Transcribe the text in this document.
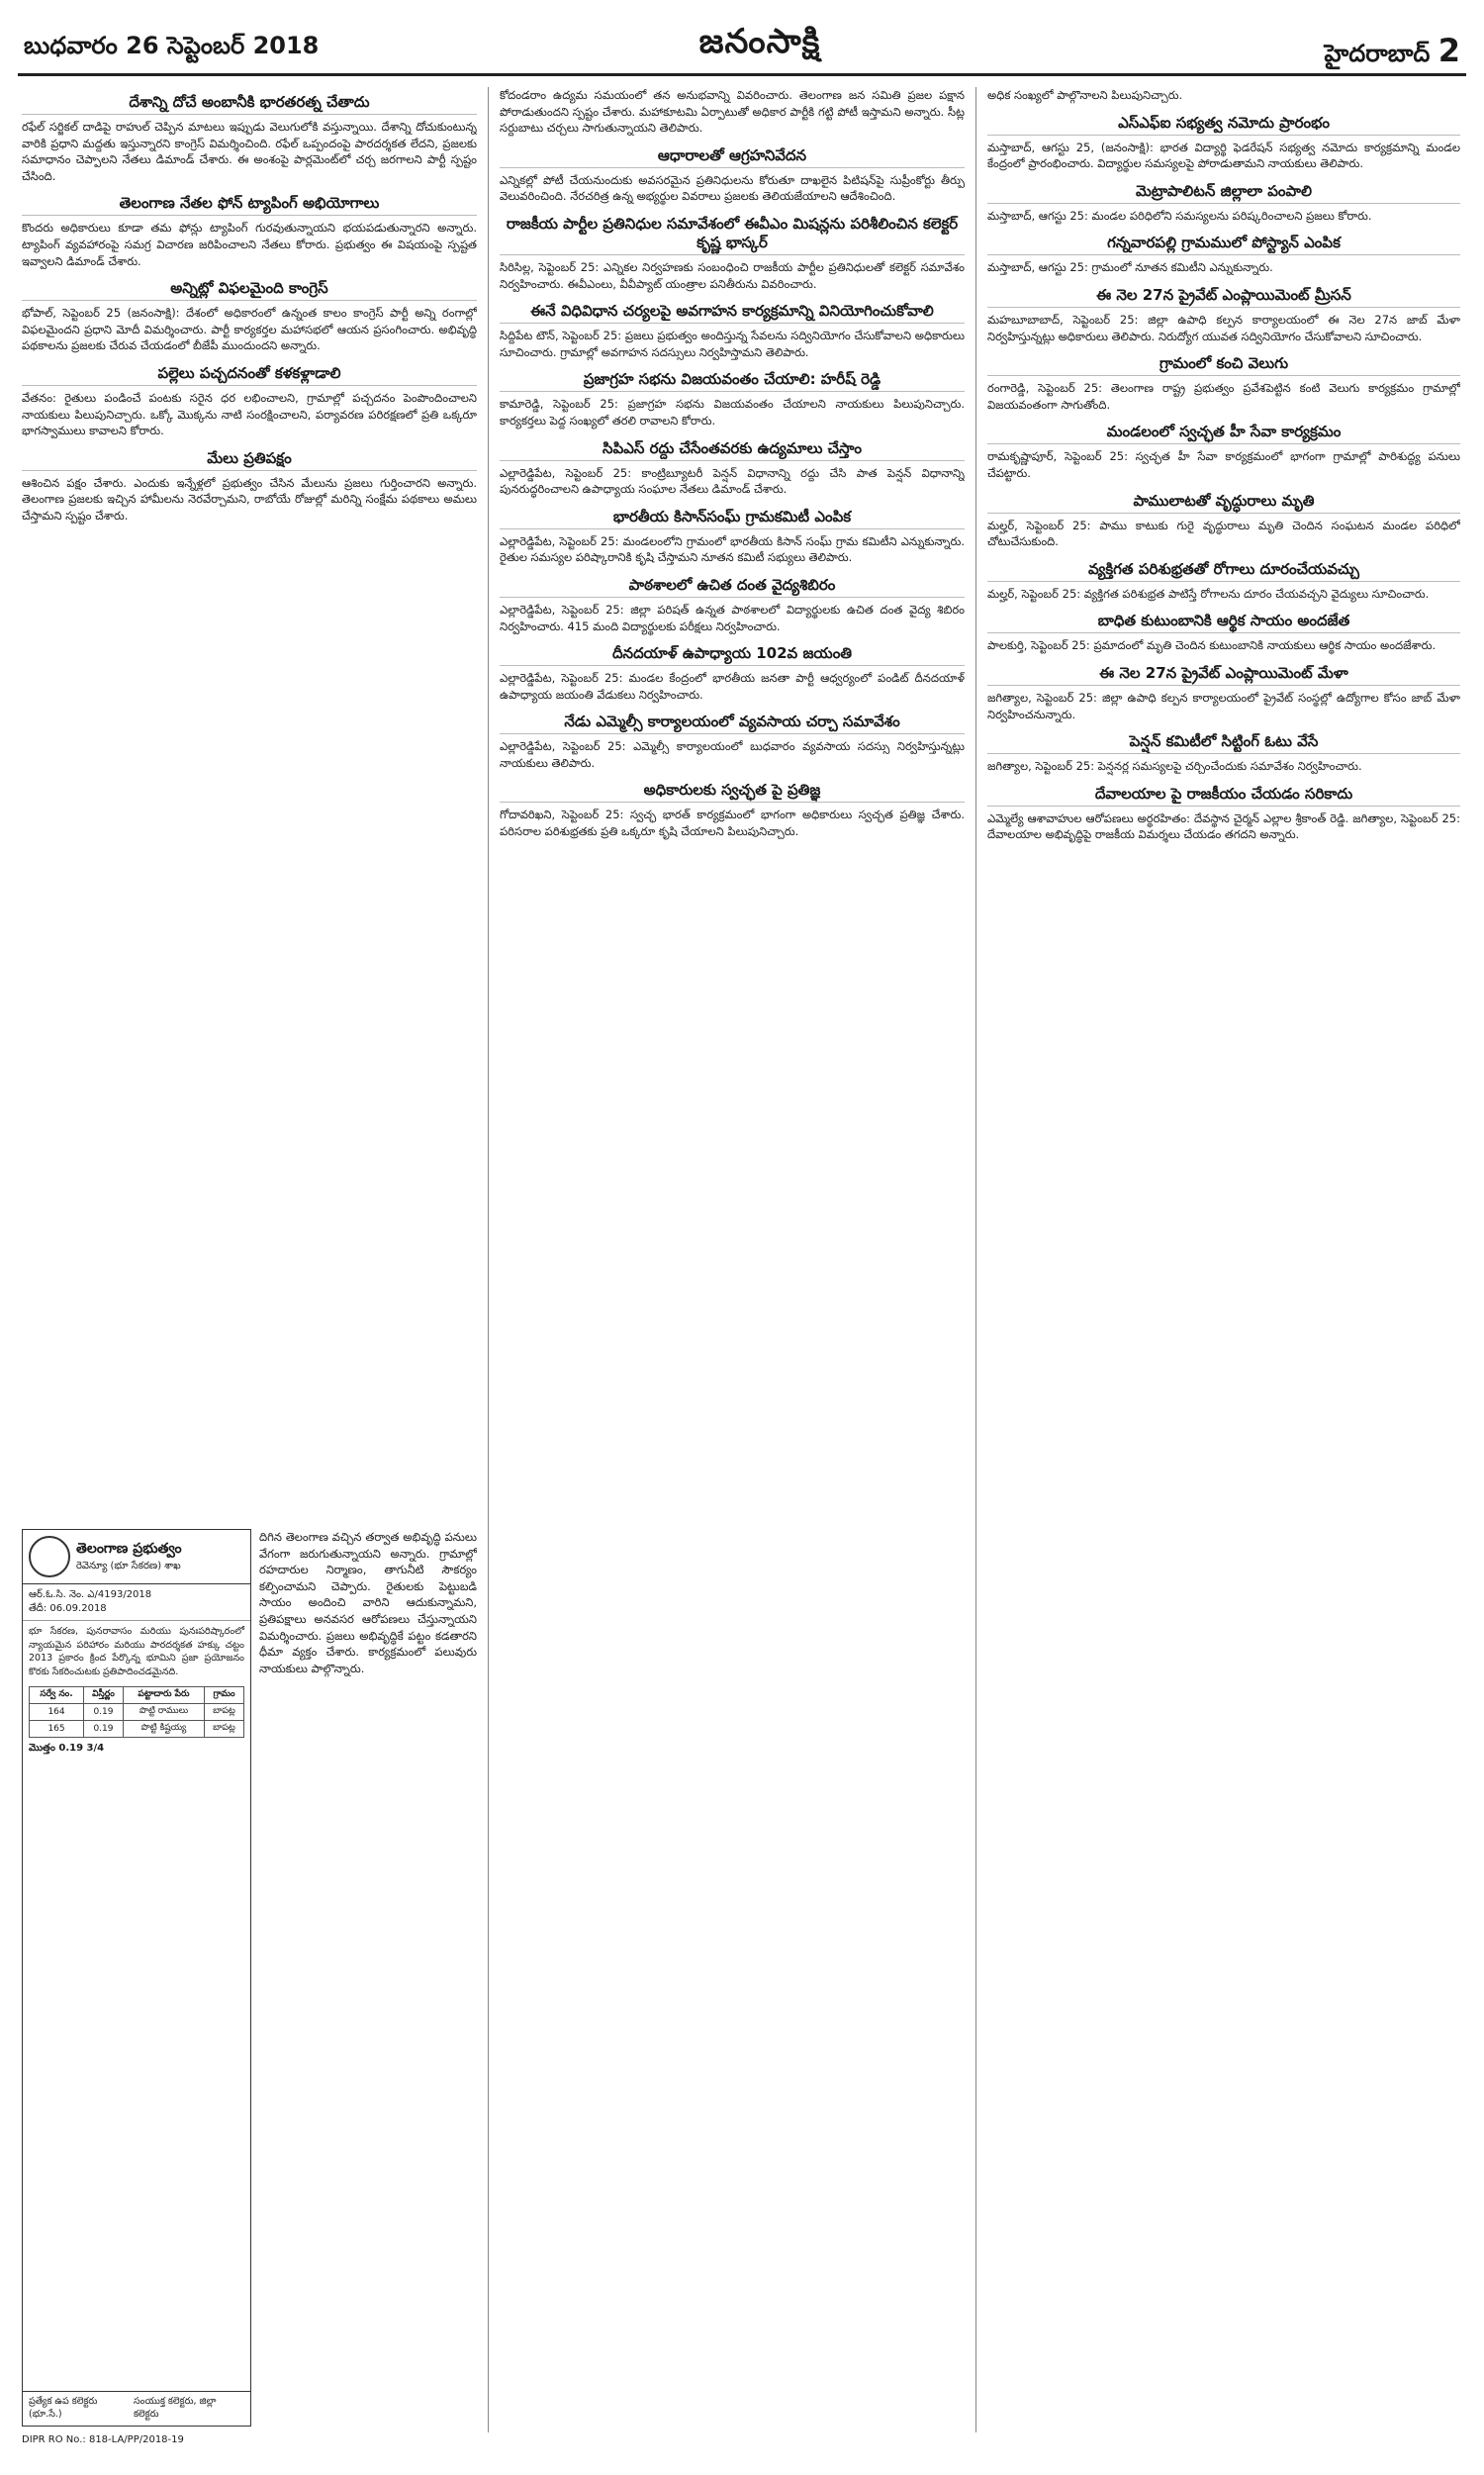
బుధవారం 26 సెప్టెంబర్ 2018	జనంసాక్షి	హైదరాబాద్ 2
దేశాన్ని దోచే అంబానీకి భారతరత్న చేతాదు

రఫేల్ సర్జికల్‌ దాడిపై రాహుల్‌ చెప్పిన మాటలు ఇప్పుడు వెలుగులోకి వస్తున్నాయి. దేశాన్ని దోచుకుంటున్న వారికి ప్రధాని మద్దతు ఇస్తున్నారని కాంగ్రెస్ విమర్శించింది. రఫేల్ ఒప్పందంపై పారదర్శకత లేదని, ప్రజలకు సమాధానం చెప్పాలని నేతలు డిమాండ్ చేశారు. ఈ అంశంపై పార్లమెంట్‌లో చర్చ జరగాలని పార్టీ స్పష్టం చేసింది.

తెలంగాణ నేతల ఫోన్ ట్యాపింగ్ అభియోగాలు

కొందరు అధికారులు కూడా తమ ఫోన్లు ట్యాపింగ్ గురవుతున్నాయని భయపడుతున్నారని అన్నారు. ట్యాపింగ్ వ్యవహారంపై సమగ్ర విచారణ జరిపించాలని నేతలు కోరారు. ప్రభుత్వం ఈ విషయంపై స్పష్టత ఇవ్వాలని డిమాండ్ చేశారు.

అన్నిట్లో విఫలమైంది కాంగ్రెస్

భోపాల్, సెప్టెంబర్ 25 (జనంసాక్షి): దేశంలో అధికారంలో ఉన్నంత కాలం కాంగ్రెస్ పార్టీ అన్ని రంగాల్లో విఫలమైందని ప్రధాని మోదీ విమర్శించారు. పార్టీ కార్యకర్తల మహాసభలో ఆయన ప్రసంగించారు. అభివృద్ధి పథకాలను ప్రజలకు చేరువ చేయడంలో బీజేపీ ముందుందని అన్నారు.

పల్లెలు పచ్చదనంతో కళకళ్లాడాలి

వేతనం: రైతులు పండించే పంటకు సరైన ధర లభించాలని, గ్రామాల్లో పచ్చదనం పెంపొందించాలని నాయకులు పిలుపునిచ్చారు. ఒక్కో మొక్కను నాటి సంరక్షించాలని, పర్యావరణ పరిరక్షణలో ప్రతి ఒక్కరూ భాగస్వాములు కావాలని కోరారు.

మేలు ప్రతిపక్షం

ఆశించిన పక్షం చేశారు. ఎందుకు ఇన్నేళ్లలో ప్రభుత్వం చేసిన మేలును ప్రజలు గుర్తించారని అన్నారు. తెలంగాణ ప్రజలకు ఇచ్చిన హామీలను నెరవేర్చామని, రాబోయే రోజుల్లో మరిన్ని సంక్షేమ పథకాలు అమలు చేస్తామని స్పష్టం చేశారు.

తెలంగాణ ప్రభుత్వం
రెవెన్యూ (భూ సేకరణ) శాఖ
ఆర్.ఓ.సి. నెం. ఎ/4193/2018
తేదీ: 06.09.2018
భూ సేకరణ, పునరావాసం మరియు పునఃపరిష్కారంలో న్యాయమైన పరిహారం మరియు పారదర్శకత హక్కు చట్టం 2013 ప్రకారం క్రింద పేర్కొన్న భూమిని ప్రజా ప్రయోజనం కొరకు సేకరించుటకు ప్రతిపాదించడమైనది.
సర్వే నం.	విస్తీర్ణం	పట్టాదారు పేరు	గ్రామం
164	0.19	పొట్టి రాములు	బాపట్ల
165	0.19	పొట్టి కిష్టయ్య	బాపట్ల
మొత్తం 0.19 3/4
ప్రత్యేక ఉప కలెక్టరు (భూ.సే.)
సంయుక్త కలెక్టరు, జిల్లా కలెక్టరు

దిగిన తెలంగాణ వచ్చిన తర్వాత అభివృద్ధి పనులు వేగంగా జరుగుతున్నాయని అన్నారు. గ్రామాల్లో రహదారుల నిర్మాణం, తాగునీటి సౌకర్యం కల్పించామని చెప్పారు. రైతులకు పెట్టుబడి సాయం అందించి వారిని ఆదుకున్నామని, ప్రతిపక్షాలు అనవసర ఆరోపణలు చేస్తున్నాయని విమర్శించారు. ప్రజలు అభివృద్ధికే పట్టం కడతారని ధీమా వ్యక్తం చేశారు. కార్యక్రమంలో పలువురు నాయకులు పాల్గొన్నారు.

DIPR RO No.: 818-LA/PP/2018-19

కోదండరాం ఉద్యమ సమయంలో తన అనుభవాన్ని వివరించారు. తెలంగాణ జన సమితి ప్రజల పక్షాన పోరాడుతుందని స్పష్టం చేశారు. మహాకూటమి ఏర్పాటుతో అధికార పార్టీకి గట్టి పోటీ ఇస్తామని అన్నారు. సీట్ల సర్దుబాటు చర్చలు సాగుతున్నాయని తెలిపారు.

ఆధారాలతో ఆగ్రహనివేదన

ఎన్నికల్లో పోటీ చేయనుందుకు అవసరమైన ప్రతినిధులను కోరుతూ దాఖలైన పిటిషన్‌పై సుప్రీంకోర్టు తీర్పు వెలువరించింది. నేరచరిత్ర ఉన్న అభ్యర్థుల వివరాలు ప్రజలకు తెలియజేయాలని ఆదేశించింది.

రాజకీయ పార్టీల ప్రతినిధుల సమావేశంలో ఈవీఎం మిషన్లను పరిశీలించిన కలెక్టర్ కృష్ణ భాస్కర్

సిరిసిల్ల, సెప్టెంబర్ 25: ఎన్నికల నిర్వహణకు సంబంధించి రాజకీయ పార్టీల ప్రతినిధులతో కలెక్టర్ సమావేశం నిర్వహించారు. ఈవీఎంలు, వీవీప్యాట్ యంత్రాల పనితీరును వివరించారు.

ఈనే విధివిధాన చర్యలపై అవగాహన కార్యక్రమాన్ని వినియోగించుకోవాలి

సిద్దిపేట టౌన్, సెప్టెంబర్ 25: ప్రజలు ప్రభుత్వం అందిస్తున్న సేవలను సద్వినియోగం చేసుకోవాలని అధికారులు సూచించారు. గ్రామాల్లో అవగాహన సదస్సులు నిర్వహిస్తామని తెలిపారు.

ప్రజాగ్రహ సభను విజయవంతం చేయాలి: హరీష్ రెడ్డి

కామారెడ్డి, సెప్టెంబర్ 25: ప్రజాగ్రహ సభను విజయవంతం చేయాలని నాయకులు పిలుపునిచ్చారు. కార్యకర్తలు పెద్ద సంఖ్యలో తరలి రావాలని కోరారు.

సిపిఎస్ రద్దు చేసేంతవరకు ఉద్యమాలు చేస్తాం

ఎల్లారెడ్డిపేట, సెప్టెంబర్ 25: కాంట్రిబ్యూటరీ పెన్షన్ విధానాన్ని రద్దు చేసి పాత పెన్షన్ విధానాన్ని పునరుద్ధరించాలని ఉపాధ్యాయ సంఘాల నేతలు డిమాండ్ చేశారు.

భారతీయ కిసాన్‌సంఘ్ గ్రామకమిటీ ఎంపిక

ఎల్లారెడ్డిపేట, సెప్టెంబర్ 25: మండలంలోని గ్రామంలో భారతీయ కిసాన్ సంఘ్ గ్రామ కమిటీని ఎన్నుకున్నారు. రైతుల సమస్యల పరిష్కారానికి కృషి చేస్తామని నూతన కమిటీ సభ్యులు తెలిపారు.

పాఠశాలలో ఉచిత దంత వైద్యశిబిరం

ఎల్లారెడ్డిపేట, సెప్టెంబర్ 25: జిల్లా పరిషత్ ఉన్నత పాఠశాలలో విద్యార్థులకు ఉచిత దంత వైద్య శిబిరం నిర్వహించారు. 415 మంది విద్యార్థులకు పరీక్షలు నిర్వహించారు.

దీనదయాళ్ ఉపాధ్యాయ 102వ జయంతి

ఎల్లారెడ్డిపేట, సెప్టెంబర్ 25: మండల కేంద్రంలో భారతీయ జనతా పార్టీ ఆధ్వర్యంలో పండిట్ దీనదయాళ్ ఉపాధ్యాయ జయంతి వేడుకలు నిర్వహించారు.

నేడు ఎమ్మెల్సీ కార్యాలయంలో వ్యవసాయ చర్చా సమావేశం

ఎల్లారెడ్డిపేట, సెప్టెంబర్ 25: ఎమ్మెల్సీ కార్యాలయంలో బుధవారం వ్యవసాయ సదస్సు నిర్వహిస్తున్నట్లు నాయకులు తెలిపారు.

అధికారులకు స్వచ్ఛత పై ప్రతిజ్ఞ

గోదావరిఖని, సెప్టెంబర్ 25: స్వచ్ఛ భారత్ కార్యక్రమంలో భాగంగా అధికారులు స్వచ్ఛత ప్రతిజ్ఞ చేశారు. పరిసరాల పరిశుభ్రతకు ప్రతి ఒక్కరూ కృషి చేయాలని పిలుపునిచ్చారు.

అధిక సంఖ్యలో పాల్గొనాలని పిలుపునిచ్చారు.

ఎస్ఎఫ్ఐ సభ్యత్వ నమోదు ప్రారంభం

మస్తాబాద్, ఆగస్టు 25, (జనంసాక్షి): భారత విద్యార్థి ఫెడరేషన్ సభ్యత్వ నమోదు కార్యక్రమాన్ని మండల కేంద్రంలో ప్రారంభించారు. విద్యార్థుల సమస్యలపై పోరాడుతామని నాయకులు తెలిపారు.

మెట్రాపాలిటన్ జిల్లాలా పంపాలి

మస్తాబాద్, ఆగస్టు 25: మండల పరిధిలోని సమస్యలను పరిష్కరించాలని ప్రజలు కోరారు.

గన్నవారపల్లి గ్రామములో పోస్ట్యాన్ ఎంపిక

మస్తాబాద్, ఆగస్టు 25: గ్రామంలో నూతన కమిటీని ఎన్నుకున్నారు.

ఈ నెల 27న ప్రైవేట్ ఎంప్లాయిమెంట్ మ్రీసన్

మహబూబాబాద్, సెప్టెంబర్ 25: జిల్లా ఉపాధి కల్పన కార్యాలయంలో ఈ నెల 27న జాబ్ మేళా నిర్వహిస్తున్నట్లు అధికారులు తెలిపారు. నిరుద్యోగ యువత సద్వినియోగం చేసుకోవాలని సూచించారు.

గ్రామంలో కంచి వెలుగు

రంగారెడ్డి, సెప్టెంబర్ 25: తెలంగాణ రాష్ట్ర ప్రభుత్వం ప్రవేశపెట్టిన కంటి వెలుగు కార్యక్రమం గ్రామాల్లో విజయవంతంగా సాగుతోంది.

మండలంలో స్వచ్ఛత హీ సేవా కార్యక్రమం

రామకృష్ణాపూర్, సెప్టెంబర్ 25: స్వచ్ఛత హీ సేవా కార్యక్రమంలో భాగంగా గ్రామాల్లో పారిశుద్ధ్య పనులు చేపట్టారు.

పాములాటతో వృద్ధురాలు మృతి

మల్హర్, సెప్టెంబర్ 25: పాము కాటుకు గురై వృద్ధురాలు మృతి చెందిన సంఘటన మండల పరిధిలో చోటుచేసుకుంది.

వ్యక్తిగత పరిశుభ్రతతో రోగాలు దూరంచేయవచ్చు

మల్హర్, సెప్టెంబర్ 25: వ్యక్తిగత పరిశుభ్రత పాటిస్తే రోగాలను దూరం చేయవచ్చని వైద్యులు సూచించారు.

బాధిత కుటుంబానికి ఆర్థిక సాయం అందజేత

పాలకుర్తి, సెప్టెంబర్ 25: ప్రమాదంలో మృతి చెందిన కుటుంబానికి నాయకులు ఆర్థిక సాయం అందజేశారు.

ఈ నెల 27న ప్రైవేట్ ఎంప్లాయిమెంట్ మేళా

జగిత్యాల, సెప్టెంబర్ 25: జిల్లా ఉపాధి కల్పన కార్యాలయంలో ప్రైవేట్ సంస్థల్లో ఉద్యోగాల కోసం జాబ్ మేళా నిర్వహించనున్నారు.

పెన్షన్ కమిటీలో సిట్టింగ్ ఓటు వేసే

జగిత్యాల, సెప్టెంబర్ 25: పెన్షనర్ల సమస్యలపై చర్చించేందుకు సమావేశం నిర్వహించారు.

దేవాలయాల పై రాజకీయం చేయడం సరికాదు

ఎమ్మెల్యే ఆశావాహుల ఆరోపణలు అర్థరహితం: దేవస్థాన చైర్మన్ ఎల్లాల శ్రీకాంత్ రెడ్డి. జగిత్యాల, సెప్టెంబర్ 25: దేవాలయాల అభివృద్ధిపై రాజకీయ విమర్శలు చేయడం తగదని అన్నారు.
